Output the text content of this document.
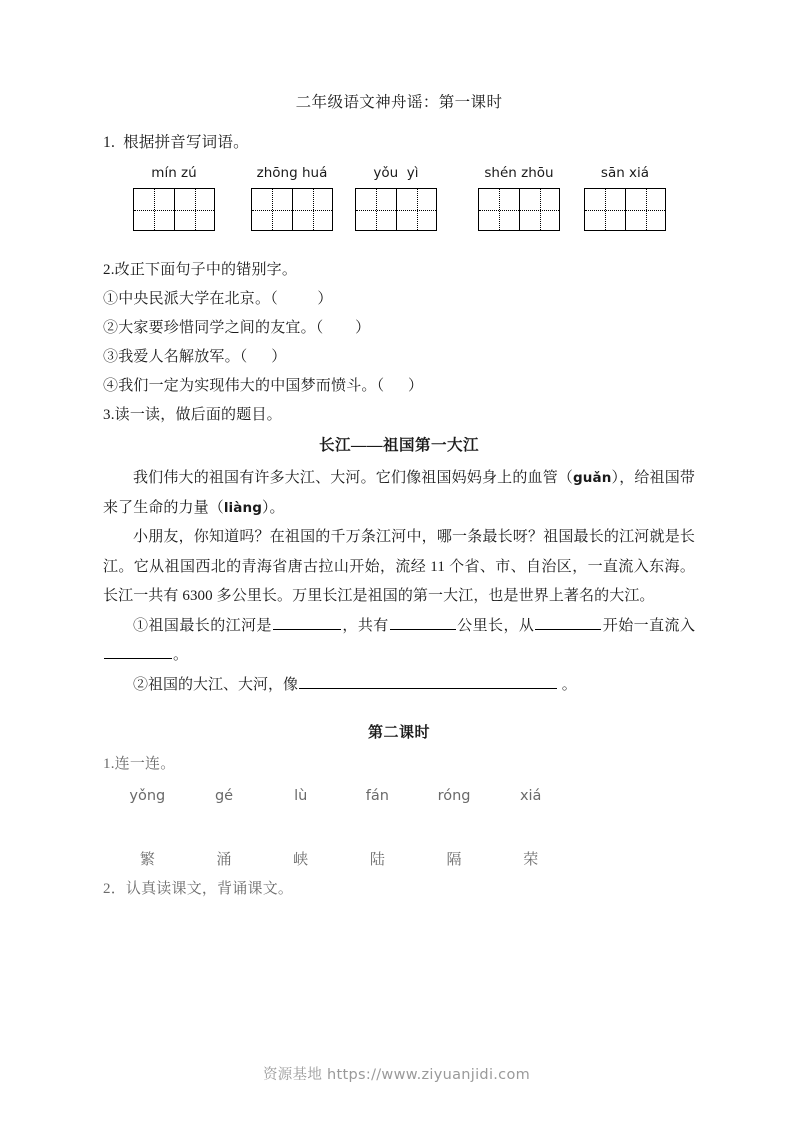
二年级语文神舟谣：第一课时
1.  根据拼音写词语。
mín zú	zhōng huá	yǒu  yì	shén zhōu	sān xiá
2.改正下面句子中的错别字。
①中央民派大学在北京。（          ）
②大家要珍惜同学之间的友宜。（        ）
③我爱人名解放军。（      ）
④我们一定为实现伟大的中国梦而愤斗。（      ）
3.读一读，做后面的题目。
长江——祖国第一大江

我们伟大的祖国有许多大江、大河。它们像祖国妈妈身上的血管（guǎn），给祖国带来了生命的力量（liàng）。

小朋友，你知道吗？在祖国的千万条江河中，哪一条最长呀？祖国最长的江河就是长江。它从祖国西北的青海省唐古拉山开始，流经 11 个省、市、自治区，一直流入东海。长江一共有 6300 多公里长。万里长江是祖国的第一大江，也是世界上著名的大江。

①祖国最长的江河是	，共有	公里长，从	开始一直流入。

②祖国的大江、大河，像	。

第二课时
1.连一连。
yǒng	gé	lù	fán	róng	xiá
繁	涌	峡	陆	隔	荣
2．认真读课文，背诵课文。
资源基地 https://www.ziyuanjidi.com
